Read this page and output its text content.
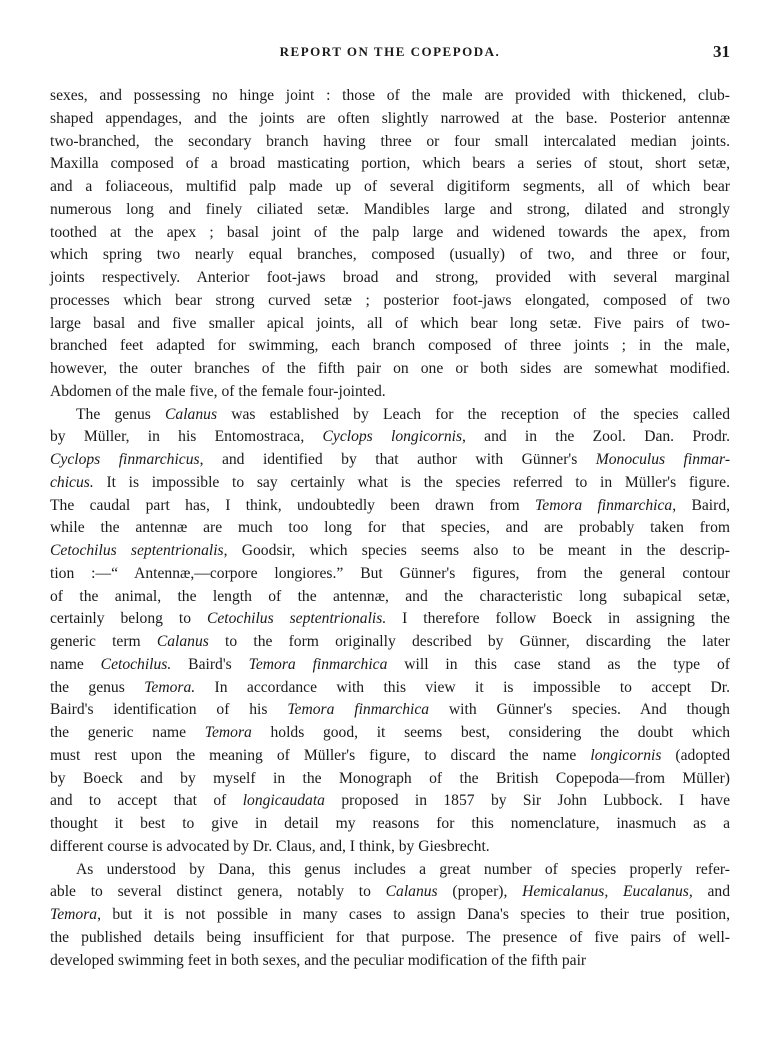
REPORT ON THE COPEPODA.	31
sexes, and possessing no hinge joint : those of the male are provided with thickened, club-
shaped appendages, and the joints are often slightly narrowed at the base. Posterior antennæ
two-branched, the secondary branch having three or four small intercalated median joints.
Maxilla composed of a broad masticating portion, which bears a series of stout, short setæ,
and a foliaceous, multifid palp made up of several digitiform segments, all of which bear
numerous long and finely ciliated setæ. Mandibles large and strong, dilated and strongly
toothed at the apex ; basal joint of the palp large and widened towards the apex, from
which spring two nearly equal branches, composed (usually) of two, and three or four,
joints respectively. Anterior foot-jaws broad and strong, provided with several marginal
processes which bear strong curved setæ ; posterior foot-jaws elongated, composed of two
large basal and five smaller apical joints, all of which bear long setæ. Five pairs of two-
branched feet adapted for swimming, each branch composed of three joints ; in the male,
however, the outer branches of the fifth pair on one or both sides are somewhat modified.
Abdomen of the male five, of the female four-jointed.
The genus Calanus was established by Leach for the reception of the species called
by Müller, in his Entomostraca, Cyclops longicornis, and in the Zool. Dan. Prodr.
Cyclops finmarchicus, and identified by that author with Günner's Monoculus finmar-
chicus. It is impossible to say certainly what is the species referred to in Müller's figure.
The caudal part has, I think, undoubtedly been drawn from Temora finmarchica, Baird,
while the antennæ are much too long for that species, and are probably taken from
Cetochilus septentrionalis, Goodsir, which species seems also to be meant in the descrip-
tion :—“ Antennæ,—corpore longiores.” But Günner's figures, from the general contour
of the animal, the length of the antennæ, and the characteristic long subapical setæ,
certainly belong to Cetochilus septentrionalis. I therefore follow Boeck in assigning the
generic term Calanus to the form originally described by Günner, discarding the later
name Cetochilus. Baird's Temora finmarchica will in this case stand as the type of
the genus Temora. In accordance with this view it is impossible to accept Dr.
Baird's identification of his Temora finmarchica with Günner's species. And though
the generic name Temora holds good, it seems best, considering the doubt which
must rest upon the meaning of Müller's figure, to discard the name longicornis (adopted
by Boeck and by myself in the Monograph of the British Copepoda—from Müller)
and to accept that of longicaudata proposed in 1857 by Sir John Lubbock. I have
thought it best to give in detail my reasons for this nomenclature, inasmuch as a
different course is advocated by Dr. Claus, and, I think, by Giesbrecht.
As understood by Dana, this genus includes a great number of species properly refer-
able to several distinct genera, notably to Calanus (proper), Hemicalanus, Eucalanus, and
Temora, but it is not possible in many cases to assign Dana's species to their true position,
the published details being insufficient for that purpose. The presence of five pairs of well-
developed swimming feet in both sexes, and the peculiar modification of the fifth pair
